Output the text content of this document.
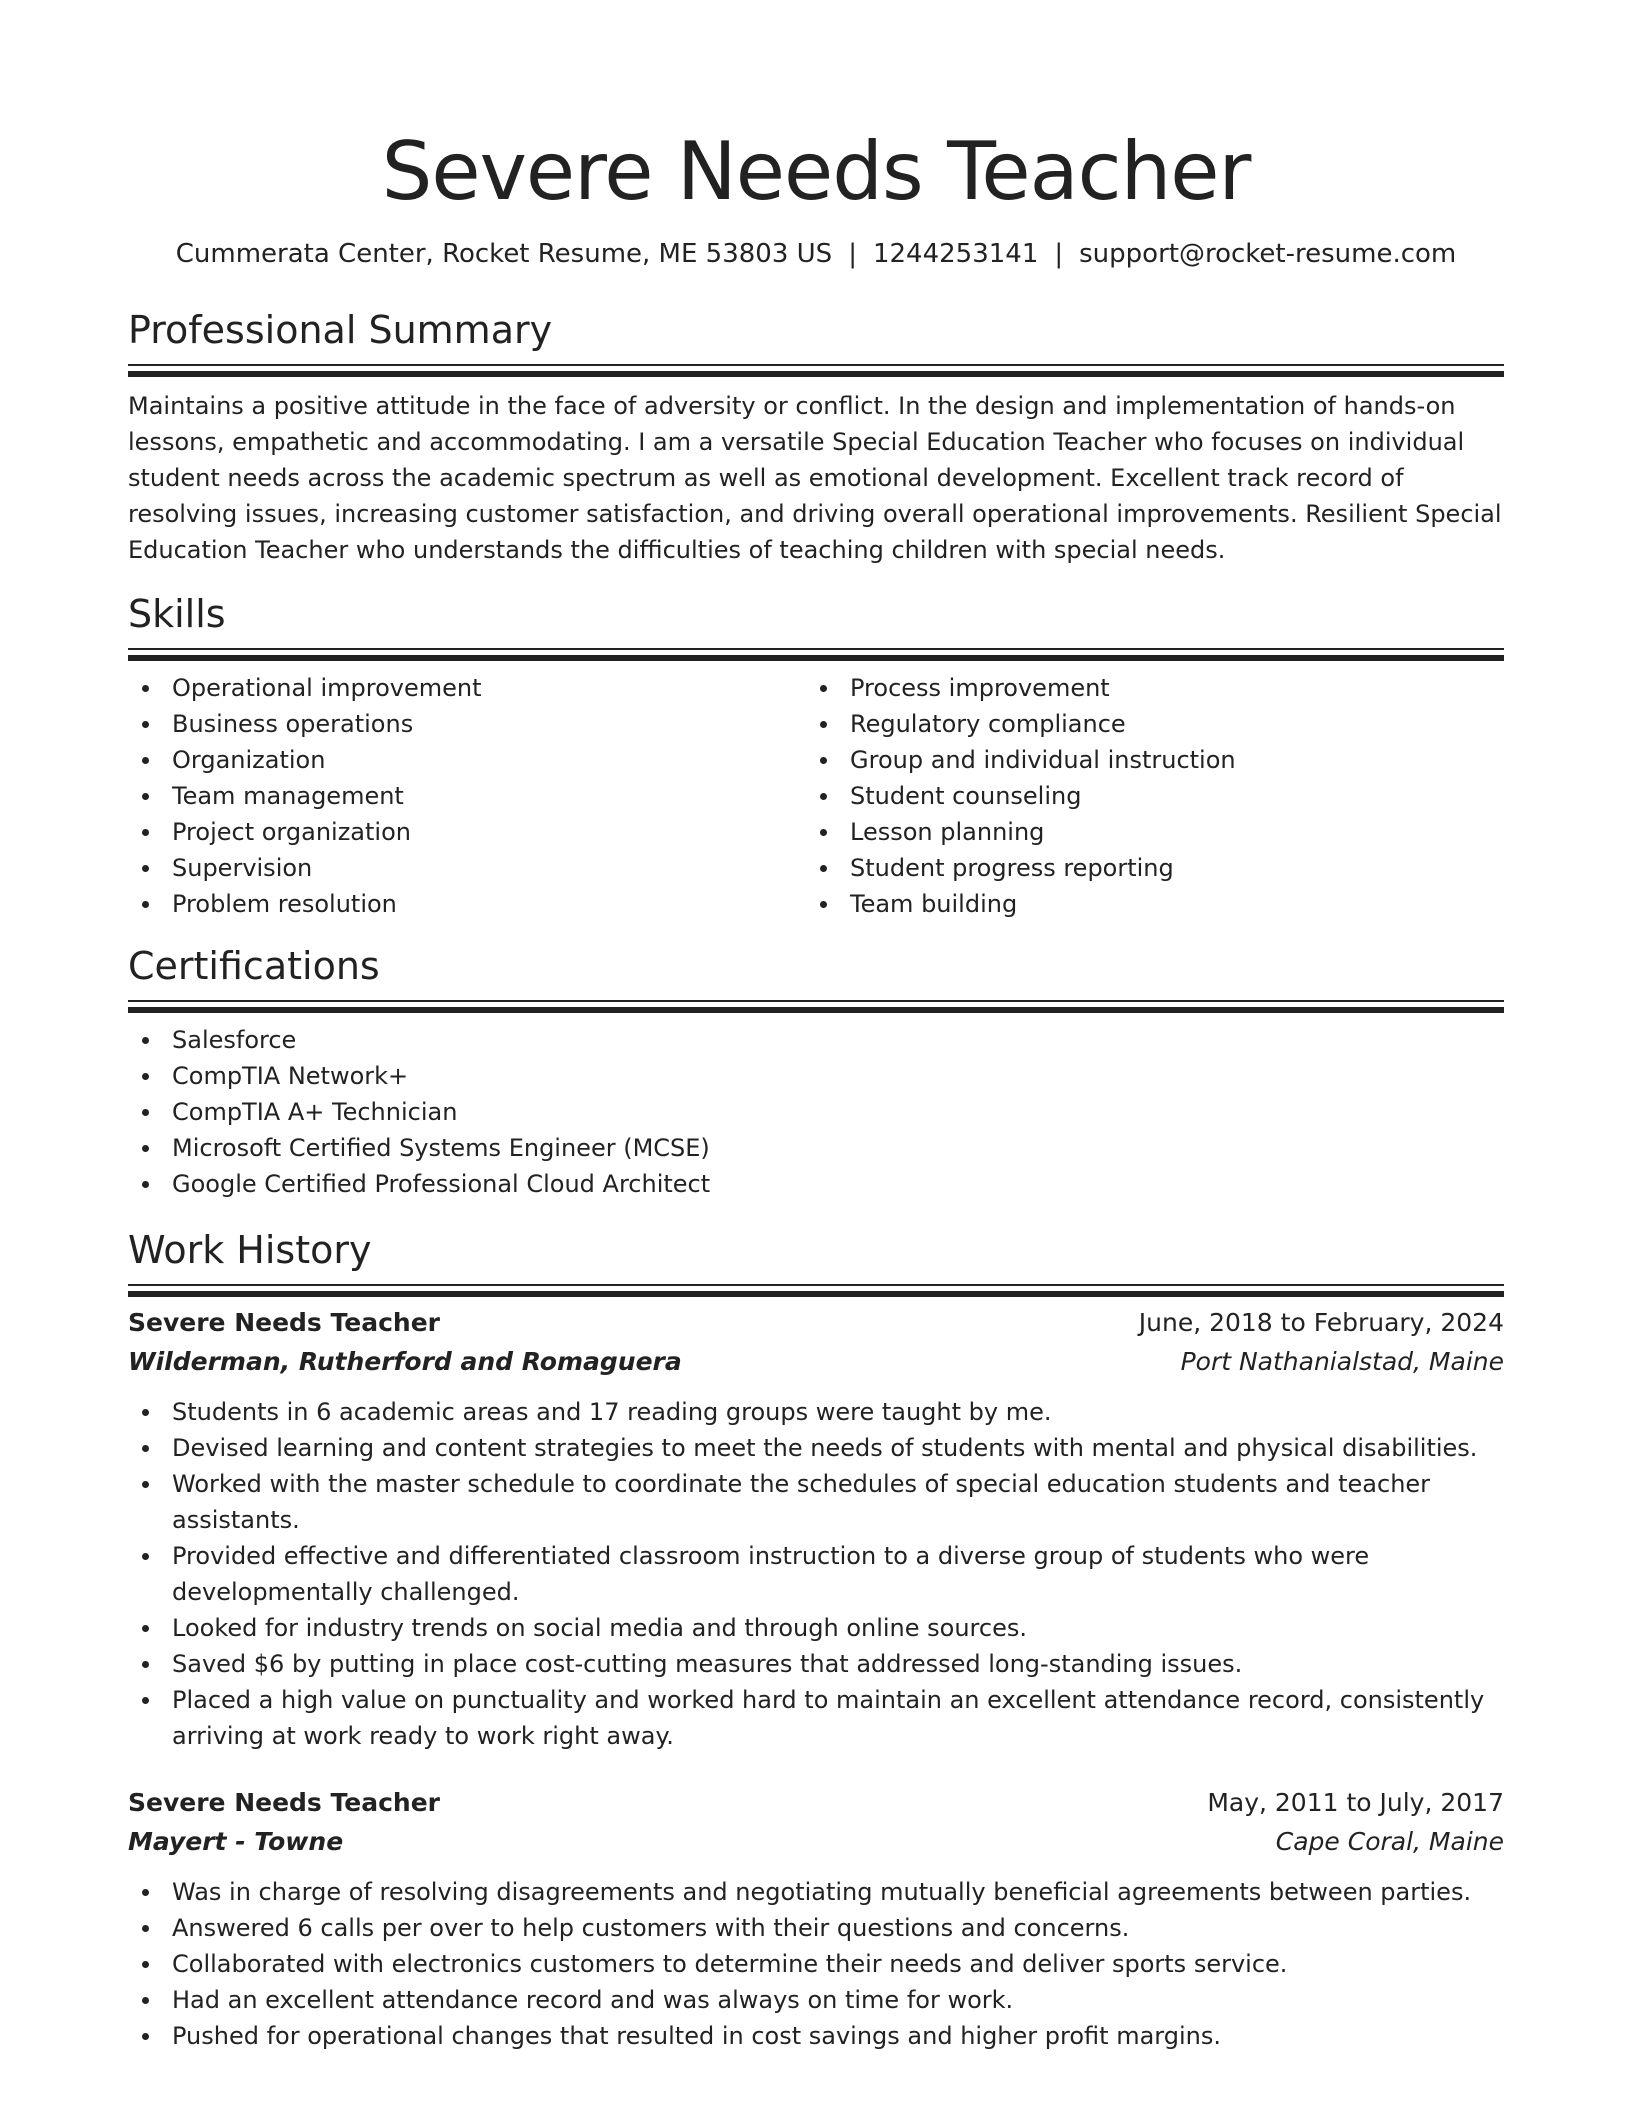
Severe Needs Teacher
Cummerata Center, Rocket Resume, ME 53803 US | 1244253141 | support@rocket-resume.com
Professional Summary
Maintains a positive attitude in the face of adversity or conflict. In the design and implementation of hands-on lessons, empathetic and accommodating. I am a versatile Special Education Teacher who focuses on individual student needs across the academic spectrum as well as emotional development. Excellent track record of resolving issues, increasing customer satisfaction, and driving overall operational improvements. Resilient Special Education Teacher who understands the difficulties of teaching children with special needs.
Skills
Operational improvement
Business operations
Organization
Team management
Project organization
Supervision
Problem resolution
Process improvement
Regulatory compliance
Group and individual instruction
Student counseling
Lesson planning
Student progress reporting
Team building
Certifications
Salesforce
CompTIA Network+
CompTIA A+ Technician
Microsoft Certified Systems Engineer (MCSE)
Google Certified Professional Cloud Architect
Work History
Severe Needs Teacher	June, 2018 to February, 2024
Wilderman, Rutherford and Romaguera	Port Nathanialstad, Maine
Students in 6 academic areas and 17 reading groups were taught by me.
Devised learning and content strategies to meet the needs of students with mental and physical disabilities.
Worked with the master schedule to coordinate the schedules of special education students and teacher assistants.
Provided effective and differentiated classroom instruction to a diverse group of students who were developmentally challenged.
Looked for industry trends on social media and through online sources.
Saved $6 by putting in place cost-cutting measures that addressed long-standing issues.
Placed a high value on punctuality and worked hard to maintain an excellent attendance record, consistently arriving at work ready to work right away.
Severe Needs Teacher	May, 2011 to July, 2017
Mayert - Towne	Cape Coral, Maine
Was in charge of resolving disagreements and negotiating mutually beneficial agreements between parties.
Answered 6 calls per over to help customers with their questions and concerns.
Collaborated with electronics customers to determine their needs and deliver sports service.
Had an excellent attendance record and was always on time for work.
Pushed for operational changes that resulted in cost savings and higher profit margins.
